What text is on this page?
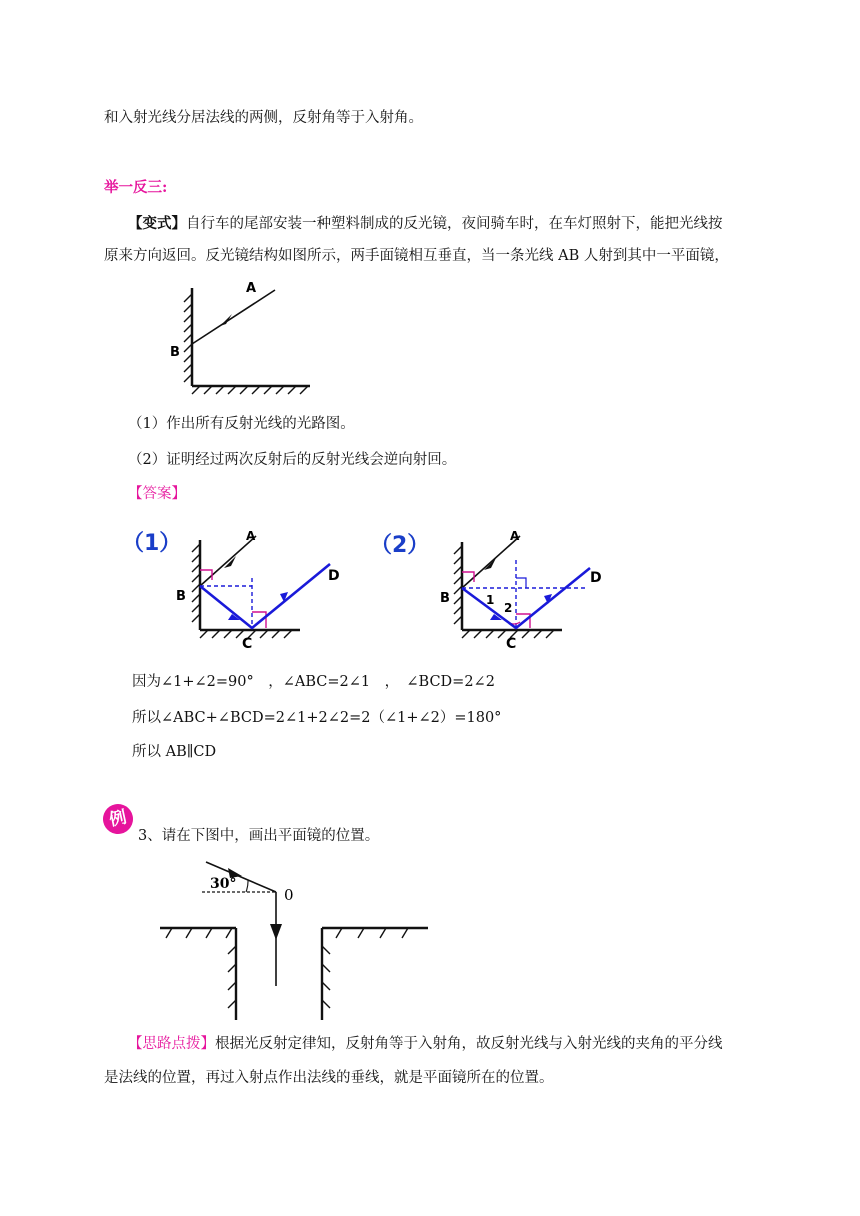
和入射光线分居法线的两侧，反射角等于入射角。
举一反三:
【变式】自行车的尾部安装一种塑料制成的反光镜，夜间骑车时，在车灯照射下，能把光线按
原来方向返回。反光镜结构如图所示，两手面镜相互垂直，当一条光线 AB 人射到其中一平面镜，
A
B
（1）作出所有反射光线的光路图。
（2）证明经过两次反射后的反射光线会逆向射回。
【答案】
（1）	A
B
C
D
（2）	A
B
C
D
1
2
因为∠1+∠2=90°　，∠ABC=2∠1　，　∠BCD=2∠2
所以∠ABC+∠BCD=2∠1+2∠2=2（∠1+∠2）=180°
所以 AB∥CD
例
3、请在下图中，画出平面镜的位置。
30°
0
【思路点拨】根据光反射定律知，反射角等于入射角，故反射光线与入射光线的夹角的平分线
是法线的位置，再过入射点作出法线的垂线，就是平面镜所在的位置。
